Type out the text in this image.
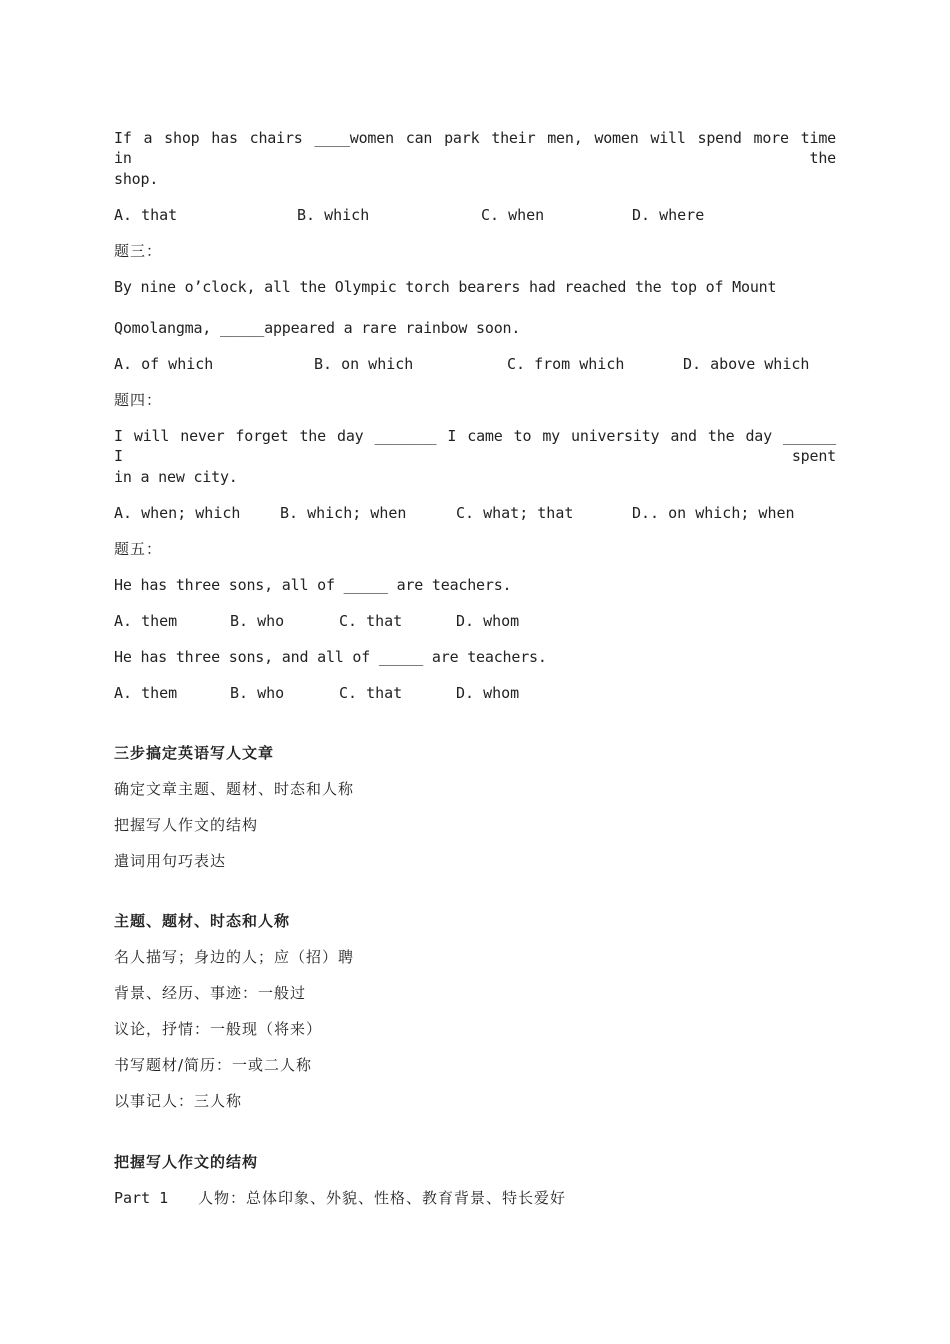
If a shop has chairs ____women can park their men, women will spend more time in the
shop.
A. that	B. which	C. when	D. where
题三：
By nine o’clock, all the Olympic torch bearers had reached the top of Mount
Qomolangma, _____appeared a rare rainbow soon.
A. of which	B. on which	C. from which	D. above which
题四：
I will never forget the day _______ I came to my university and the day ______ I spent
in a new city.
A. when; which	B. which; when	C. what; that	D.. on which; when
题五：
He has three sons, all of _____ are teachers.
A. them	B. who	C. that	D. whom
He has three sons, and all of _____ are teachers.
A. them	B. who	C. that	D. whom
三步搞定英语写人文章
确定文章主题、题材、时态和人称
把握写人作文的结构
遣词用句巧表达
主题、题材、时态和人称
名人描写；身边的人；应（招）聘
背景、经历、事迹：一般过
议论，抒情：一般现（将来）
书写题材/简历：一或二人称
以事记人：三人称
把握写人作文的结构
Part 1 人物：总体印象、外貌、性格、教育背景、特长爱好
